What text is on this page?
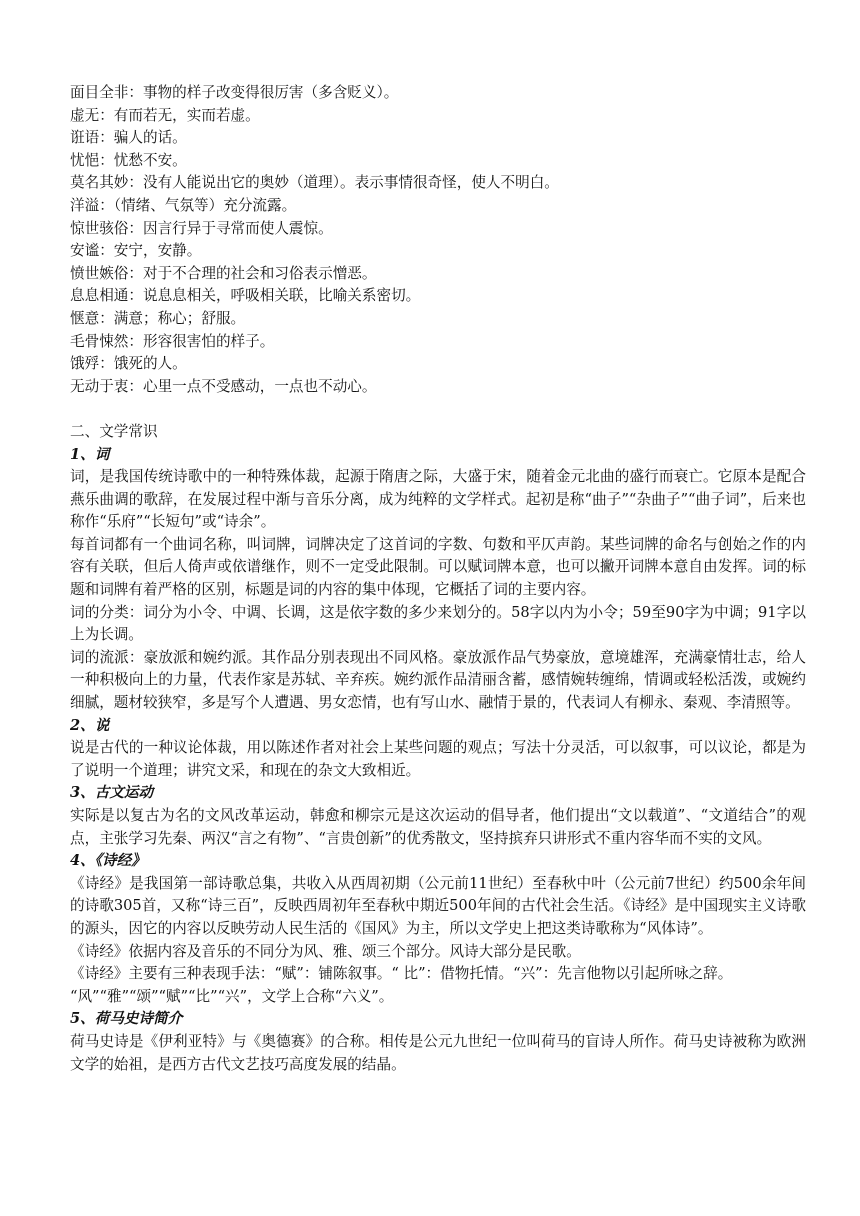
面目全非：事物的样子改变得很厉害（多含贬义）。
虚无：有而若无，实而若虚。
诳语：骗人的话。
忧悒：忧愁不安。
莫名其妙：没有人能说出它的奥妙（道理）。表示事情很奇怪，使人不明白。
洋溢：（情绪、气氛等）充分流露。
惊世骇俗：因言行异于寻常而使人震惊。
安谧：安宁，安静。
愤世嫉俗：对于不合理的社会和习俗表示憎恶。
息息相通：说息息相关，呼吸相关联，比喻关系密切。
惬意：满意；称心；舒服。
毛骨悚然：形容很害怕的样子。
饿殍：饿死的人。
无动于衷：心里一点不受感动，一点也不动心。
二、文学常识
1、词

词，是我国传统诗歌中的一种特殊体裁，起源于隋唐之际，大盛于宋，随着金元北曲的盛行而衰亡。它原本是配合燕乐曲调的歌辞，在发展过程中渐与音乐分离，成为纯粹的文学样式。起初是称“曲子”“杂曲子”“曲子词”，后来也称作“乐府”“长短句”或“诗余”。

每首词都有一个曲词名称，叫词牌，词牌决定了这首词的字数、句数和平仄声韵。某些词牌的命名与创始之作的内容有关联，但后人倚声或依谱继作，则不一定受此限制。可以赋词牌本意，也可以撇开词牌本意自由发挥。词的标题和词牌有着严格的区别，标题是词的内容的集中体现，它概括了词的主要内容。

词的分类：词分为小令、中调、长调，这是依字数的多少来划分的。58字以内为小令；59至90字为中调；91字以上为长调。

词的流派：豪放派和婉约派。其作品分别表现出不同风格。豪放派作品气势豪放，意境雄浑，充满豪情壮志，给人一种积极向上的力量，代表作家是苏轼、辛弃疾。婉约派作品清丽含蓄，感情婉转缠绵，情调或轻松活泼，或婉约细腻，题材较狭窄，多是写个人遭遇、男女恋情，也有写山水、融情于景的，代表词人有柳永、秦观、李清照等。

2、说

说是古代的一种议论体裁，用以陈述作者对社会上某些问题的观点；写法十分灵活，可以叙事，可以议论，都是为了说明一个道理；讲究文采，和现在的杂文大致相近。

3、古文运动

实际是以复古为名的文风改革运动，韩愈和柳宗元是这次运动的倡导者，他们提出“文以载道”、“文道结合”的观点，主张学习先秦、两汉“言之有物”、“言贵创新”的优秀散文，坚持摈弃只讲形式不重内容华而不实的文风。

4、《诗经》

《诗经》是我国第一部诗歌总集，共收入从西周初期（公元前11世纪）至春秋中叶（公元前7世纪）约500余年间的诗歌305首，又称“诗三百”，反映西周初年至春秋中期近500年间的古代社会生活。《诗经》是中国现实主义诗歌的源头，因它的内容以反映劳动人民生活的《国风》为主，所以文学史上把这类诗歌称为“风体诗”。

《诗经》依据内容及音乐的不同分为风、雅、颂三个部分。风诗大部分是民歌。

《诗经》主要有三种表现手法：“赋”：铺陈叙事。“ 比”：借物托情。“兴”：先言他物以引起所咏之辞。

“风”“雅”“颂”“赋”“比”“兴”，文学上合称“六义”。

5、荷马史诗简介

荷马史诗是《伊利亚特》与《奥德赛》的合称。相传是公元九世纪一位叫荷马的盲诗人所作。荷马史诗被称为欧洲文学的始祖，是西方古代文艺技巧高度发展的结晶。
